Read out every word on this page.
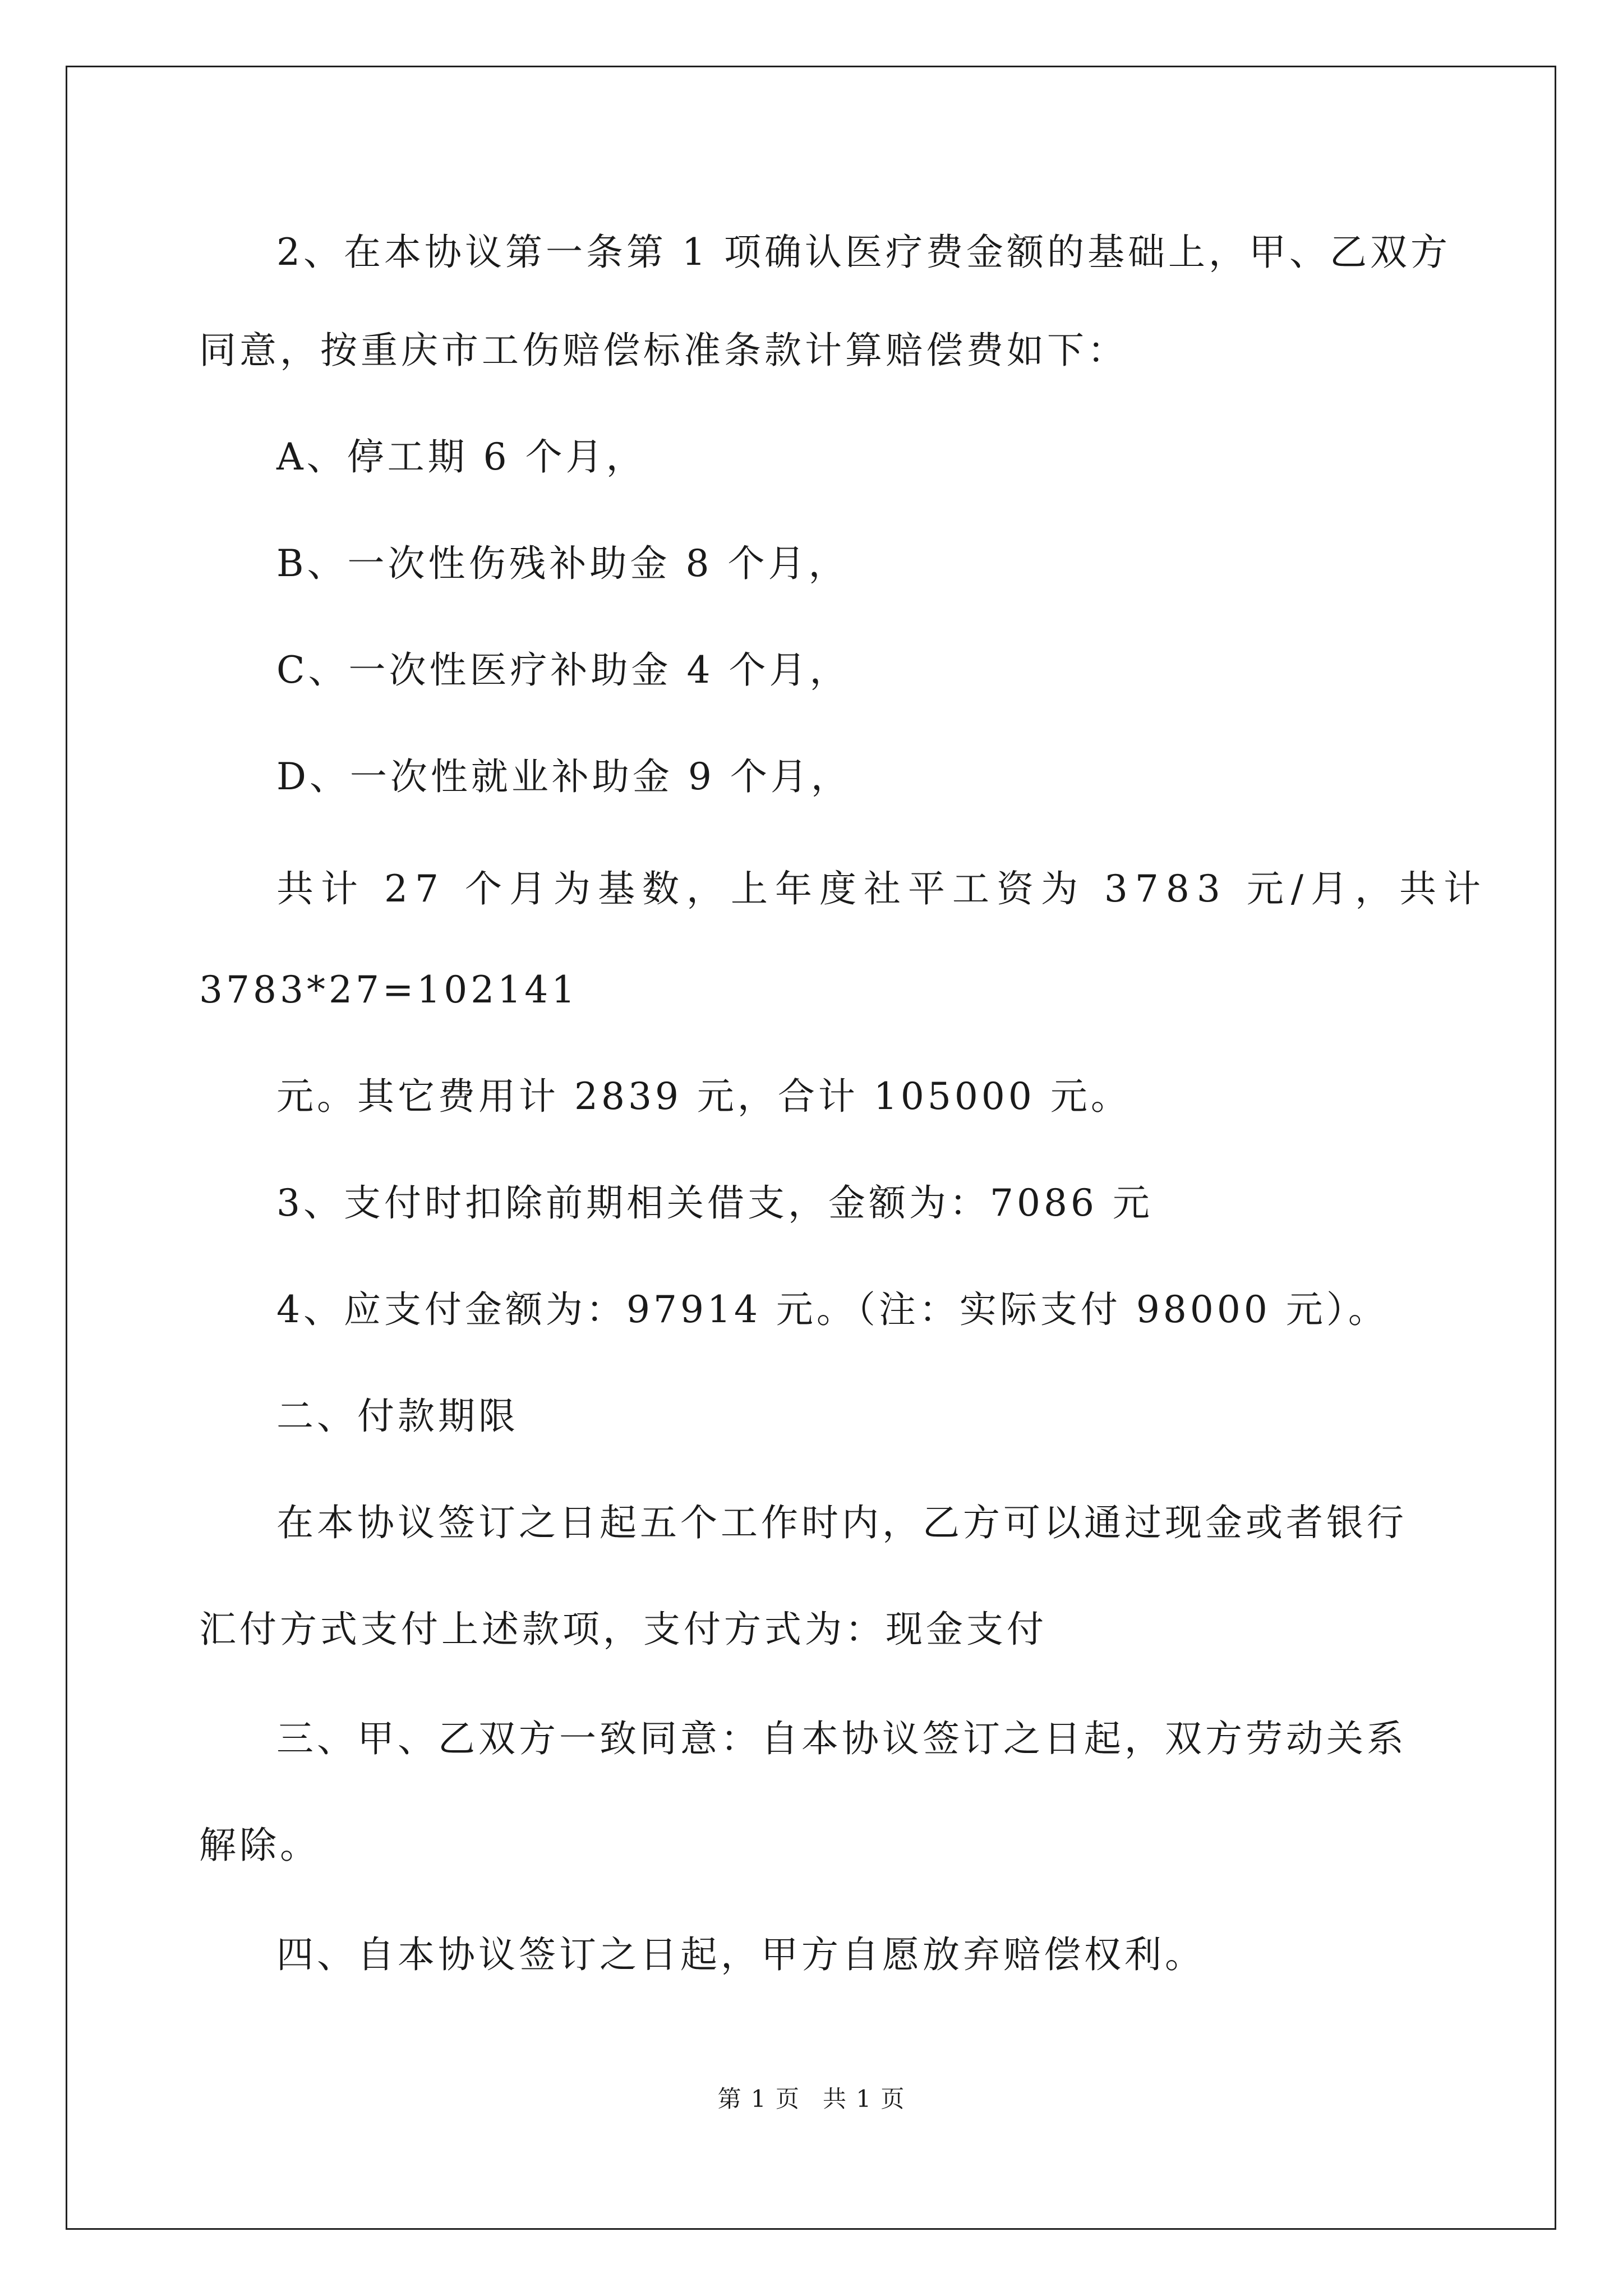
2、在本协议第一条第 1 项确认医疗费金额的基础上，甲、乙双方
同意，按重庆市工伤赔偿标准条款计算赔偿费如下：
A、停工期 6 个月，
B、一次性伤残补助金 8 个月，
C、一次性医疗补助金 4 个月，
D、一次性就业补助金 9 个月，
共计 27 个月为基数，上年度社平工资为 3783 元/月，共计
3783*27=102141
元。其它费用计 2839 元，合计 105000 元。
3、支付时扣除前期相关借支，金额为：7086 元
4、应支付金额为：97914 元。（注：实际支付 98000 元）。
二、付款期限
在本协议签订之日起五个工作时内，乙方可以通过现金或者银行
汇付方式支付上述款项，支付方式为：现金支付
三、甲、乙双方一致同意：自本协议签订之日起，双方劳动关系
解除。
四、自本协议签订之日起，甲方自愿放弃赔偿权利。
第 1 页 共 1 页
